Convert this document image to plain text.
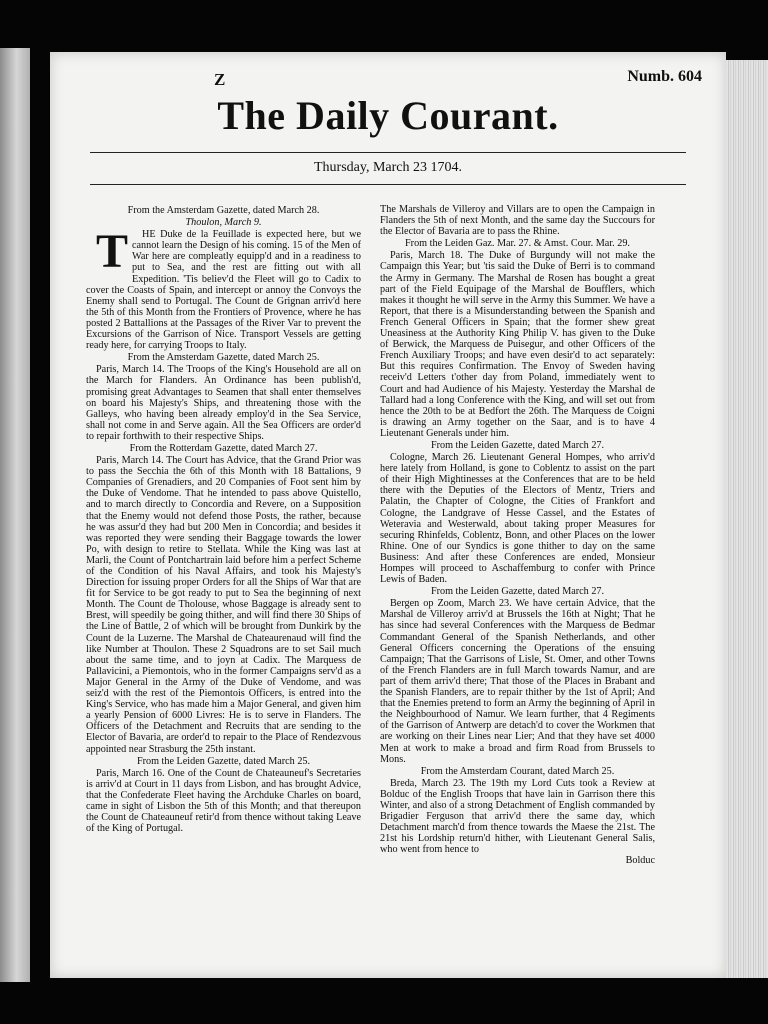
Z	Numb. 604
The Daily Courant.
Thursday, March 23 1704.

From the Amsterdam Gazette, dated March 28.

Thoulon, March 9.

T HE Duke de la Feuillade is expected here, but we cannot learn the Design of his coming. 15 of the Men of War here are compleatly equipp'd and in a readiness to put to Sea, and the rest are fitting out with all Expedition. 'Tis believ'd the Fleet will go to Cadix to cover the Coasts of Spain, and intercept or annoy the Convoys the Enemy shall send to Portugal. The Count de Grignan arriv'd here the 5th of this Month from the Frontiers of Provence, where he has posted 2 Battallions at the Passages of the River Var to prevent the Excursions of the Garrison of Nice. Transport Vessels are getting ready here, for carrying Troops to Italy.

From the Amsterdam Gazette, dated March 25.

Paris, March 14. The Troops of the King's Household are all on the March for Flanders. An Ordinance has been publish'd, promising great Advantages to Seamen that shall enter themselves on board his Majesty's Ships, and threatening those with the Galleys, who having been already employ'd in the Sea Service, shall not come in and Serve again. All the Sea Officers are order'd to repair forthwith to their respective Ships.

From the Rotterdam Gazette, dated March 27.

Paris, March 14. The Court has Advice, that the Grand Prior was to pass the Secchia the 6th of this Month with 18 Battalions, 9 Companies of Grenadiers, and 20 Companies of Foot sent him by the Duke of Vendome. That he intended to pass above Quistello, and to march directly to Concordia and Revere, on a Supposition that the Enemy would not defend those Posts, the rather, because he was assur'd they had but 200 Men in Concordia; and besides it was reported they were sending their Baggage towards the lower Po, with design to retire to Stellata. While the King was last at Marli, the Count of Pontchartrain laid before him a perfect Scheme of the Condition of his Naval Affairs, and took his Majesty's Direction for issuing proper Orders for all the Ships of War that are fit for Service to be got ready to put to Sea the beginning of next Month. The Count de Tholouse, whose Baggage is already sent to Brest, will speedily be going thither, and will find there 30 Ships of the Line of Battle, 2 of which will be brought from Dunkirk by the Count de la Luzerne. The Marshal de Chateaurenaud will find the like Number at Thoulon. These 2 Squadrons are to set Sail much about the same time, and to joyn at Cadix. The Marquess de Pallavicini, a Piemontois, who in the former Campaigns serv'd as a Major General in the Army of the Duke of Vendome, and was seiz'd with the rest of the Piemontois Officers, is entred into the King's Service, who has made him a Major General, and given him a yearly Pension of 6000 Livres: He is to serve in Flanders. The Officers of the Detachment and Recruits that are sending to the Elector of Bavaria, are order'd to repair to the Place of Rendezvous appointed near Strasburg the 25th instant.

From the Leiden Gazette, dated March 25.

Paris, March 16. One of the Count de Chateauneuf's Secretaries is arriv'd at Court in 11 days from Lisbon, and has brought Advice, that the Confederate Fleet having the Archduke Charles on board, came in sight of Lisbon the 5th of this Month; and that thereupon the Count de Chateauneuf retir'd from thence without taking Leave of the King of Portugal.

The Marshals de Villeroy and Villars are to open the Campaign in Flanders the 5th of next Month, and the same day the Succours for the Elector of Bavaria are to pass the Rhine.

From the Leiden Gaz. Mar. 27. & Amst. Cour. Mar. 29.

Paris, March 18. The Duke of Burgundy will not make the Campaign this Year; but 'tis said the Duke of Berri is to command the Army in Germany. The Marshal de Rosen has bought a great part of the Field Equipage of the Marshal de Boufflers, which makes it thought he will serve in the Army this Summer. We have a Report, that there is a Misunderstanding between the Spanish and French General Officers in Spain; that the former shew great Uneasiness at the Authority King Philip V. has given to the Duke of Berwick, the Marquess de Puisegur, and other Officers of the French Auxiliary Troops; and have even desir'd to act separately: But this requires Confirmation. The Envoy of Sweden having receiv'd Letters t'other day from Poland, immediately went to Court and had Audience of his Majesty. Yesterday the Marshal de Tallard had a long Conference with the King, and will set out from hence the 20th to be at Bedfort the 26th. The Marquess de Coigni is drawing an Army together on the Saar, and is to have 4 Lieutenant Generals under him.

From the Leiden Gazette, dated March 27.

Cologne, March 26. Lieutenant General Hompes, who arriv'd here lately from Holland, is gone to Coblentz to assist on the part of their High Mightinesses at the Conferences that are to be held there with the Deputies of the Electors of Mentz, Triers and Palatin, the Chapter of Cologne, the Cities of Frankfort and Cologne, the Landgrave of Hesse Cassel, and the Estates of Weteravia and Westerwald, about taking proper Measures for securing Rhinfelds, Coblentz, Bonn, and other Places on the lower Rhine. One of our Syndics is gone thither to day on the same Business: And after these Conferences are ended, Monsieur Hompes will proceed to Aschaffemburg to confer with Prince Lewis of Baden.

From the Leiden Gazette, dated March 27.

Bergen op Zoom, March 23. We have certain Advice, that the Marshal de Villeroy arriv'd at Brussels the 16th at Night; That he has since had several Conferences with the Marquess de Bedmar Commandant General of the Spanish Netherlands, and other General Officers concerning the Operations of the ensuing Campaign; That the Garrisons of Lisle, St. Omer, and other Towns of the French Flanders are in full March towards Namur, and are part of them arriv'd there; That those of the Places in Brabant and the Spanish Flanders, are to repair thither by the 1st of April; And that the Enemies pretend to form an Army the beginning of April in the Neighbourhood of Namur. We learn further, that 4 Regiments of the Garrison of Antwerp are detach'd to cover the Workmen that are working on their Lines near Lier; And that they have set 4000 Men at work to make a broad and firm Road from Brussels to Mons.

From the Amsterdam Courant, dated March 25.

Breda, March 23. The 19th my Lord Cuts took a Review at Bolduc of the English Troops that have lain in Garrison there this Winter, and also of a strong Detachment of English commanded by Brigadier Ferguson that arriv'd there the same day, which Detachment march'd from thence towards the Maese the 21st. The 21st his Lordship return'd hither, with Lieutenant General Salis, who went from hence to

Bolduc
